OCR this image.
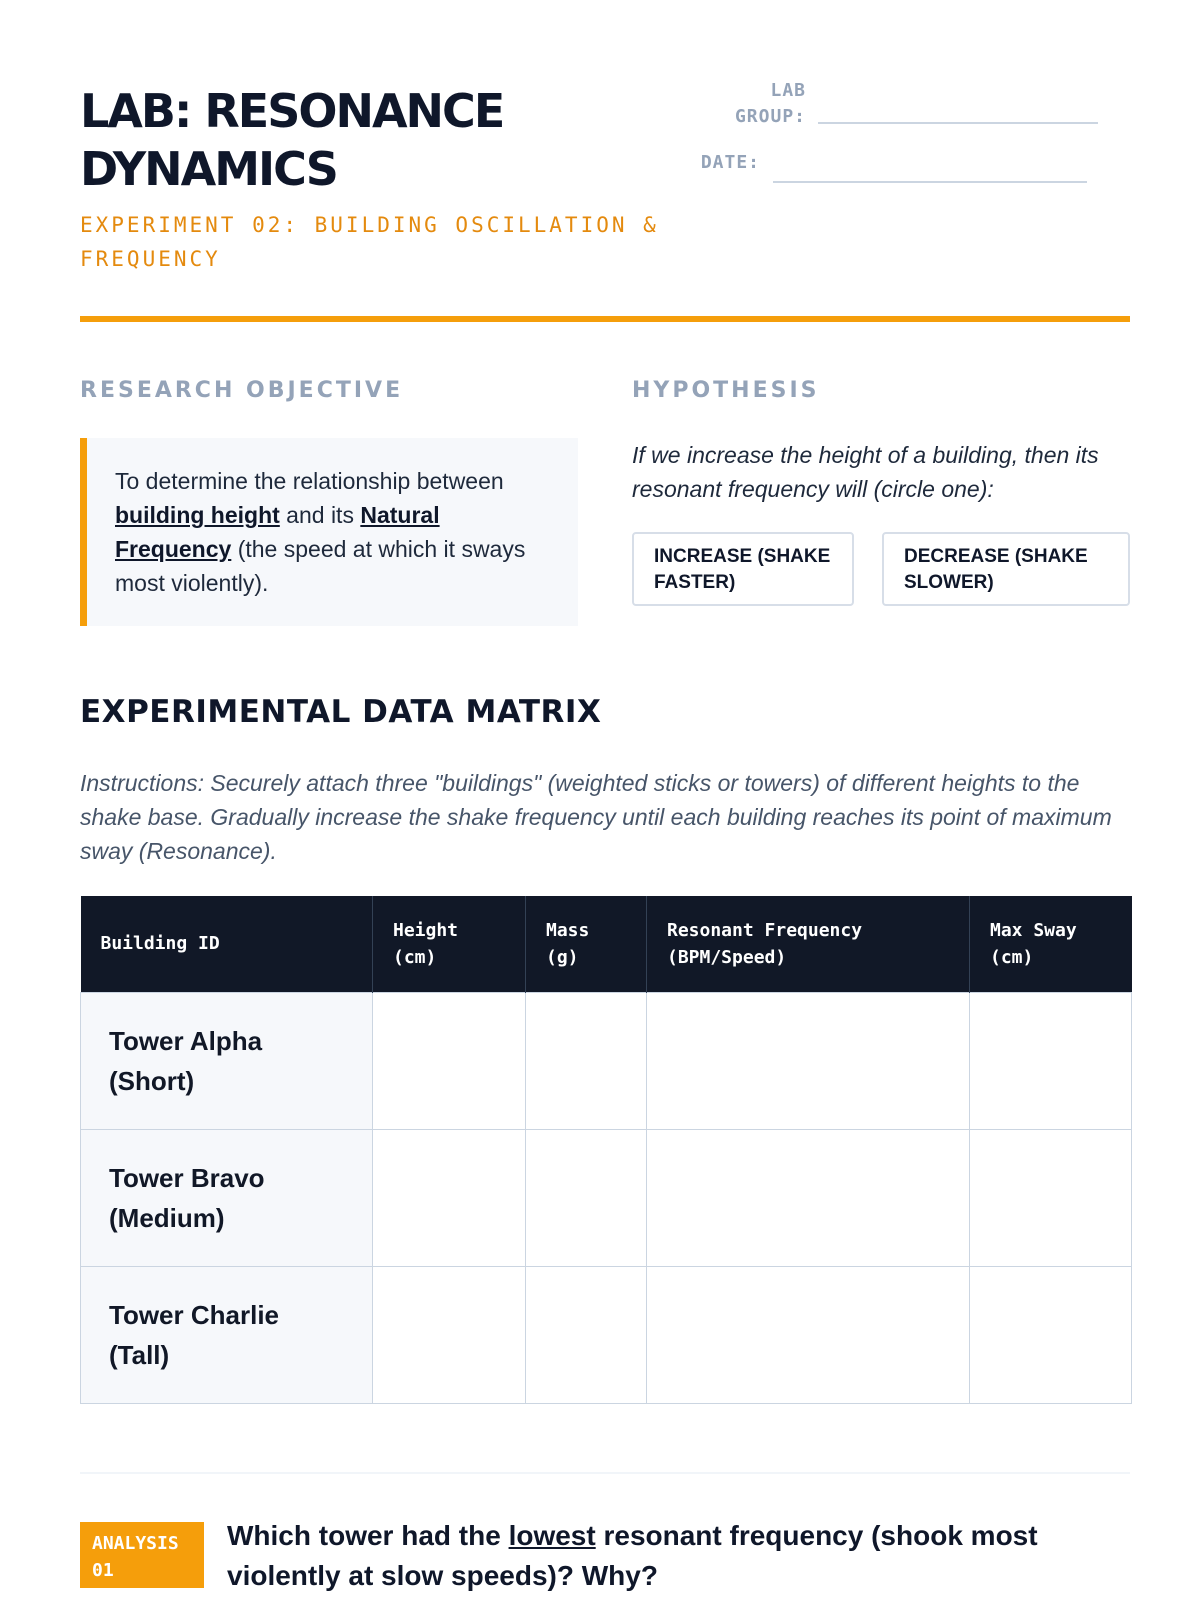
LAB: RESONANCE DYNAMICS

EXPERIMENT 02: BUILDING OSCILLATION & FREQUENCY

LAB GROUP:
DATE:
RESEARCH OBJECTIVE
To determine the relationship between building height and its Natural Frequency (the speed at which it sways most violently).
HYPOTHESIS

If we increase the height of a building, then its resonant frequency will (circle one):

INCREASE (SHAKE FASTER)
DECREASE (SHAKE SLOWER)
EXPERIMENTAL DATA MATRIX

Instructions: Securely attach three "buildings" (weighted sticks or towers) of different heights to the shake base. Gradually increase the shake frequency until each building reaches its point of maximum sway (Resonance).

Building ID	Height (cm)	Mass (g)	Resonant Frequency (BPM/Speed)	Max Sway (cm)
Tower Alpha (Short)				
Tower Bravo (Medium)				
Tower Charlie (Tall)				
ANALYSIS 01

Which tower had the lowest resonant frequency (shook most violently at slow speeds)? Why?
